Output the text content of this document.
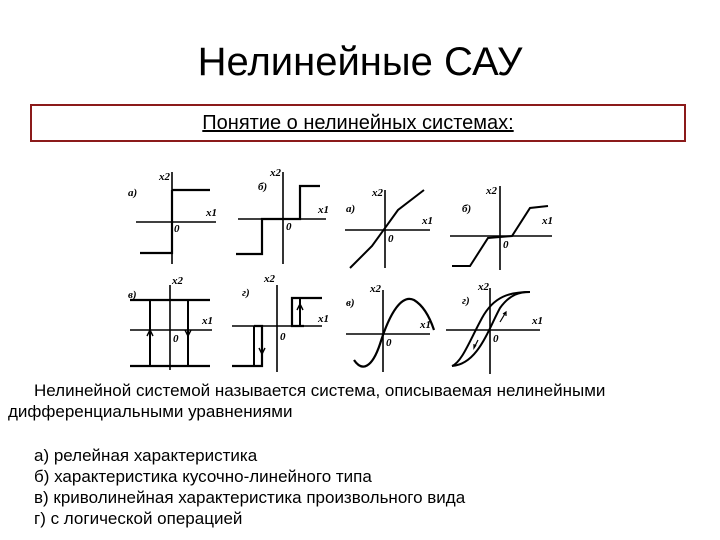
Нелинейные САУ
Понятие о нелинейных системах:
а)
x2
x1
0
б)
x2
x1
0
в)
x2
x1
0
г)
x2
x1
0
а)
x2
x1
0
б)
x2
x1
0
в)
x2
x1
0
г)
x2
x1
0
Нелинейной системой называется система, описываемая нелинейными
дифференциальными уравнениями
а) релейная характеристика
б) характеристика кусочно-линейного типа
в) криволинейная характеристика произвольного вида
г) с логической операцией
